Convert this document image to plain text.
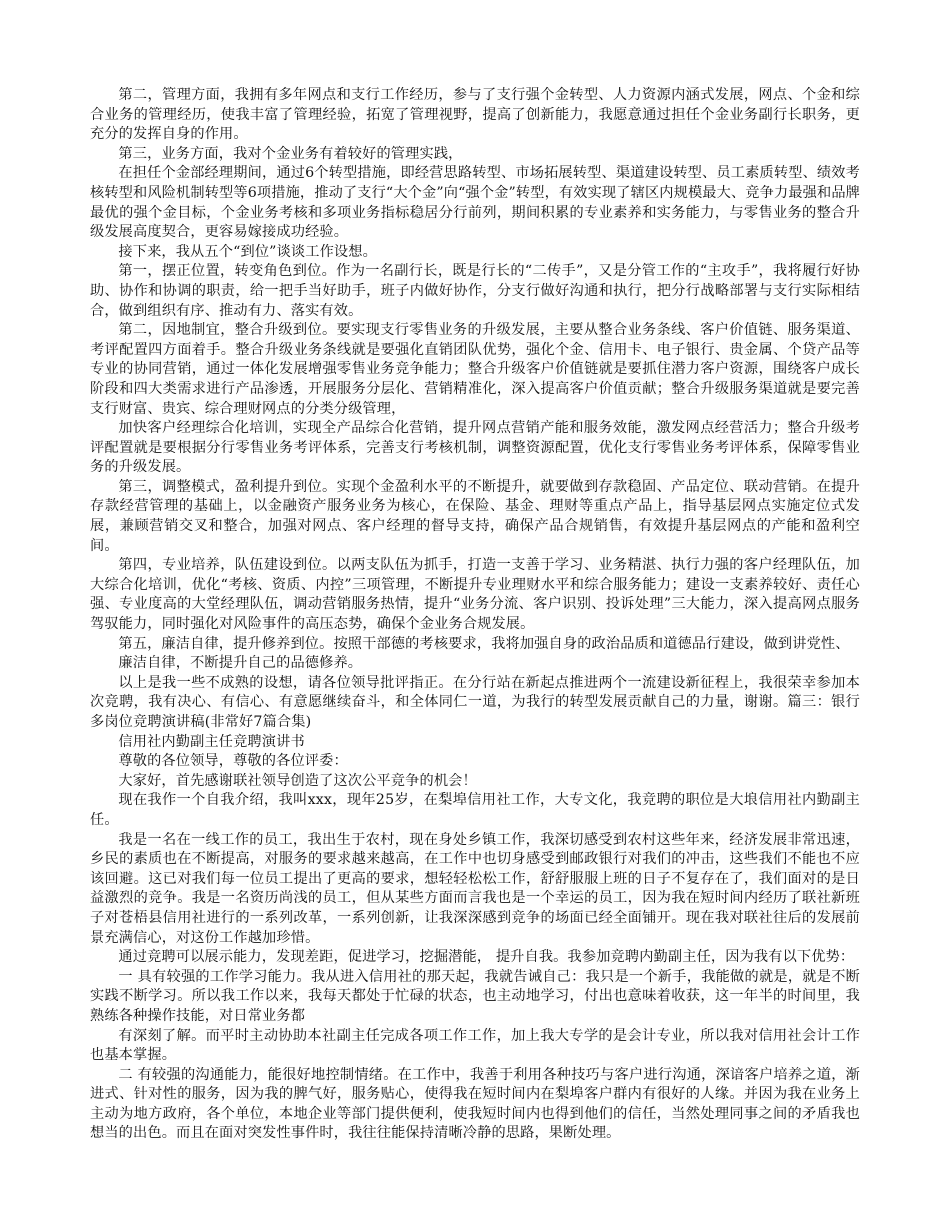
第二，管理方面，我拥有多年网点和支行工作经历，参与了支行强个金转型、人力资源内涵式发展，网点、个金和综合业务的管理经历，使我丰富了管理经验，拓宽了管理视野，提高了创新能力，我愿意通过担任个金业务副行长职务，更充分的发挥自身的作用。

第三，业务方面，我对个金业务有着较好的管理实践，

在担任个金部经理期间，通过6个转型措施，即经营思路转型、市场拓展转型、渠道建设转型、员工素质转型、绩效考核转型和风险机制转型等6项措施，推动了支行“大个金”向“强个金”转型，有效实现了辖区内规模最大、竞争力最强和品牌最优的强个金目标，个金业务考核和多项业务指标稳居分行前列，期间积累的专业素养和实务能力，与零售业务的整合升级发展高度契合，更容易嫁接成功经验。

接下来，我从五个“到位”谈谈工作设想。

第一，摆正位置，转变角色到位。作为一名副行长，既是行长的“二传手”，又是分管工作的“主攻手”，我将履行好协助、协作和协调的职责，给一把手当好助手，班子内做好协作，分支行做好沟通和执行，把分行战略部署与支行实际相结合，做到组织有序、推动有力、落实有效。

第二，因地制宜，整合升级到位。要实现支行零售业务的升级发展，主要从整合业务条线、客户价值链、服务渠道、考评配置四方面着手。整合升级业务条线就是要强化直销团队优势，强化个金、信用卡、电子银行、贵金属、个贷产品等专业的协同营销，通过一体化发展增强零售业务竞争能力；整合升级客户价值链就是要抓住潜力客户资源，围绕客户成长阶段和四大类需求进行产品渗透，开展服务分层化、营销精准化，深入提高客户价值贡献；整合升级服务渠道就是要完善支行财富、贵宾、综合理财网点的分类分级管理，

加快客户经理综合化培训，实现全产品综合化营销，提升网点营销产能和服务效能，激发网点经营活力；整合升级考评配置就是要根据分行零售业务考评体系，完善支行考核机制，调整资源配置，优化支行零售业务考评体系，保障零售业务的升级发展。

第三，调整模式，盈利提升到位。实现个金盈利水平的不断提升，就要做到存款稳固、产品定位、联动营销。在提升存款经营管理的基础上，以金融资产服务业务为核心，在保险、基金、理财等重点产品上，指导基层网点实施定位式发展，兼顾营销交叉和整合，加强对网点、客户经理的督导支持，确保产品合规销售，有效提升基层网点的产能和盈利空间。

第四，专业培养，队伍建设到位。以两支队伍为抓手，打造一支善于学习、业务精湛、执行力强的客户经理队伍，加大综合化培训，优化“考核、资质、内控”三项管理，不断提升专业理财水平和综合服务能力；建设一支素养较好、责任心强、专业度高的大堂经理队伍，调动营销服务热情，提升“业务分流、客户识别、投诉处理”三大能力，深入提高网点服务驾驭能力，同时强化对风险事件的高压态势，确保个金业务合规发展。

第五，廉洁自律，提升修养到位。按照干部德的考核要求，我将加强自身的政治品质和道德品行建设，做到讲党性、

廉洁自律，不断提升自己的品德修养。

以上是我一些不成熟的设想，请各位领导批评指正。在分行站在新起点推进两个一流建设新征程上，我很荣幸参加本次竞聘，我有决心、有信心、有意愿继续奋斗，和全体同仁一道，为我行的转型发展贡献自己的力量，谢谢。篇三：银行多岗位竞聘演讲稿(非常好7篇合集)

信用社内勤副主任竞聘演讲书

尊敬的各位领导，尊敬的各位评委：

大家好，首先感谢联社领导创造了这次公平竞争的机会！

现在我作一个自我介绍，我叫xxx，现年25岁，在梨埠信用社工作，大专文化，我竞聘的职位是大埌信用社内勤副主任。

我是一名在一线工作的员工，我出生于农村，现在身处乡镇工作，我深切感受到农村这些年来，经济发展非常迅速，乡民的素质也在不断提高，对服务的要求越来越高，在工作中也切身感受到邮政银行对我们的冲击，这些我们不能也不应该回避。这已对我们每一位员工提出了更高的要求，想轻轻松松工作，舒舒服服上班的日子不复存在了，我们面对的是日益激烈的竞争。我是一名资历尚浅的员工，但从某些方面而言我也是一个幸运的员工，因为我在短时间内经历了联社新班子对苍梧县信用社进行的一系列改革，一系列创新，让我深深感到竞争的场面已经全面铺开。现在我对联社往后的发展前景充满信心，对这份工作越加珍惜。

通过竞聘可以展示能力，发现差距，促进学习，挖掘潜能， 提升自我。我参加竞聘内勤副主任，因为我有以下优势：

一 具有较强的工作学习能力。我从进入信用社的那天起，我就告诫自己：我只是一个新手，我能做的就是，就是不断实践不断学习。所以我工作以来，我每天都处于忙碌的状态，也主动地学习，付出也意味着收获，这一年半的时间里，我熟练各种操作技能，对日常业务都

有深刻了解。而平时主动协助本社副主任完成各项工作工作，加上我大专学的是会计专业，所以我对信用社会计工作也基本掌握。

二 有较强的沟通能力，能很好地控制情绪。在工作中，我善于利用各种技巧与客户进行沟通，深谙客户培养之道，渐进式、针对性的服务，因为我的脾气好，服务贴心，使得我在短时间内在梨埠客户群内有很好的人缘。并因为我在业务上主动为地方政府，各个单位，本地企业等部门提供便利，使我短时间内也得到他们的信任，当然处理同事之间的矛盾我也想当的出色。而且在面对突发性事件时，我往往能保持清晰冷静的思路，果断处理。
